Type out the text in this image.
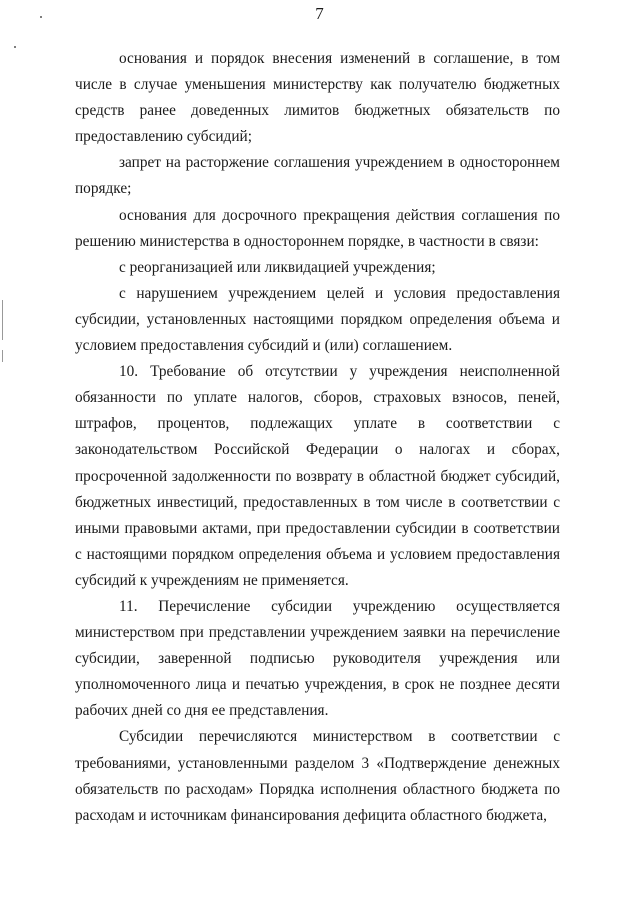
7

основания и порядок внесения изменений в соглашение, в том числе в случае уменьшения министерству как получателю бюджетных средств ранее доведенных лимитов бюджетных обязательств по предоставлению субсидий;

запрет на расторжение соглашения учреждением в одностороннем порядке;

основания для досрочного прекращения действия соглашения по решению министерства в одностороннем порядке, в частности в связи:

с реорганизацией или ликвидацией учреждения;

с нарушением учреждением целей и условия предоставления субсидии, установленных настоящими порядком определения объема и условием предоставления субсидий и (или) соглашением.

10. Требование об отсутствии у учреждения неисполненной обязанности по уплате налогов, сборов, страховых взносов, пеней, штрафов, процентов, подлежащих уплате в соответствии с законодательством Российской Федерации о налогах и сборах, просроченной задолженности по возврату в областной бюджет субсидий, бюджетных инвестиций, предоставленных в том числе в соответствии с иными правовыми актами, при предоставлении субсидии в соответствии с настоящими порядком определения объема и условием предоставления субсидий к учреждениям не применяется.

11. Перечисление субсидии учреждению осуществляется министерством при представлении учреждением заявки на перечисление субсидии, заверенной подписью руководителя учреждения или уполномоченного лица и печатью учреждения, в срок не позднее десяти рабочих дней со дня ее представления.

Субсидии перечисляются министерством в соответствии с требованиями, установленными разделом 3 «Подтверждение денежных обязательств по расходам» Порядка исполнения областного бюджета по расходам и источникам финансирования дефицита областного бюджета,
